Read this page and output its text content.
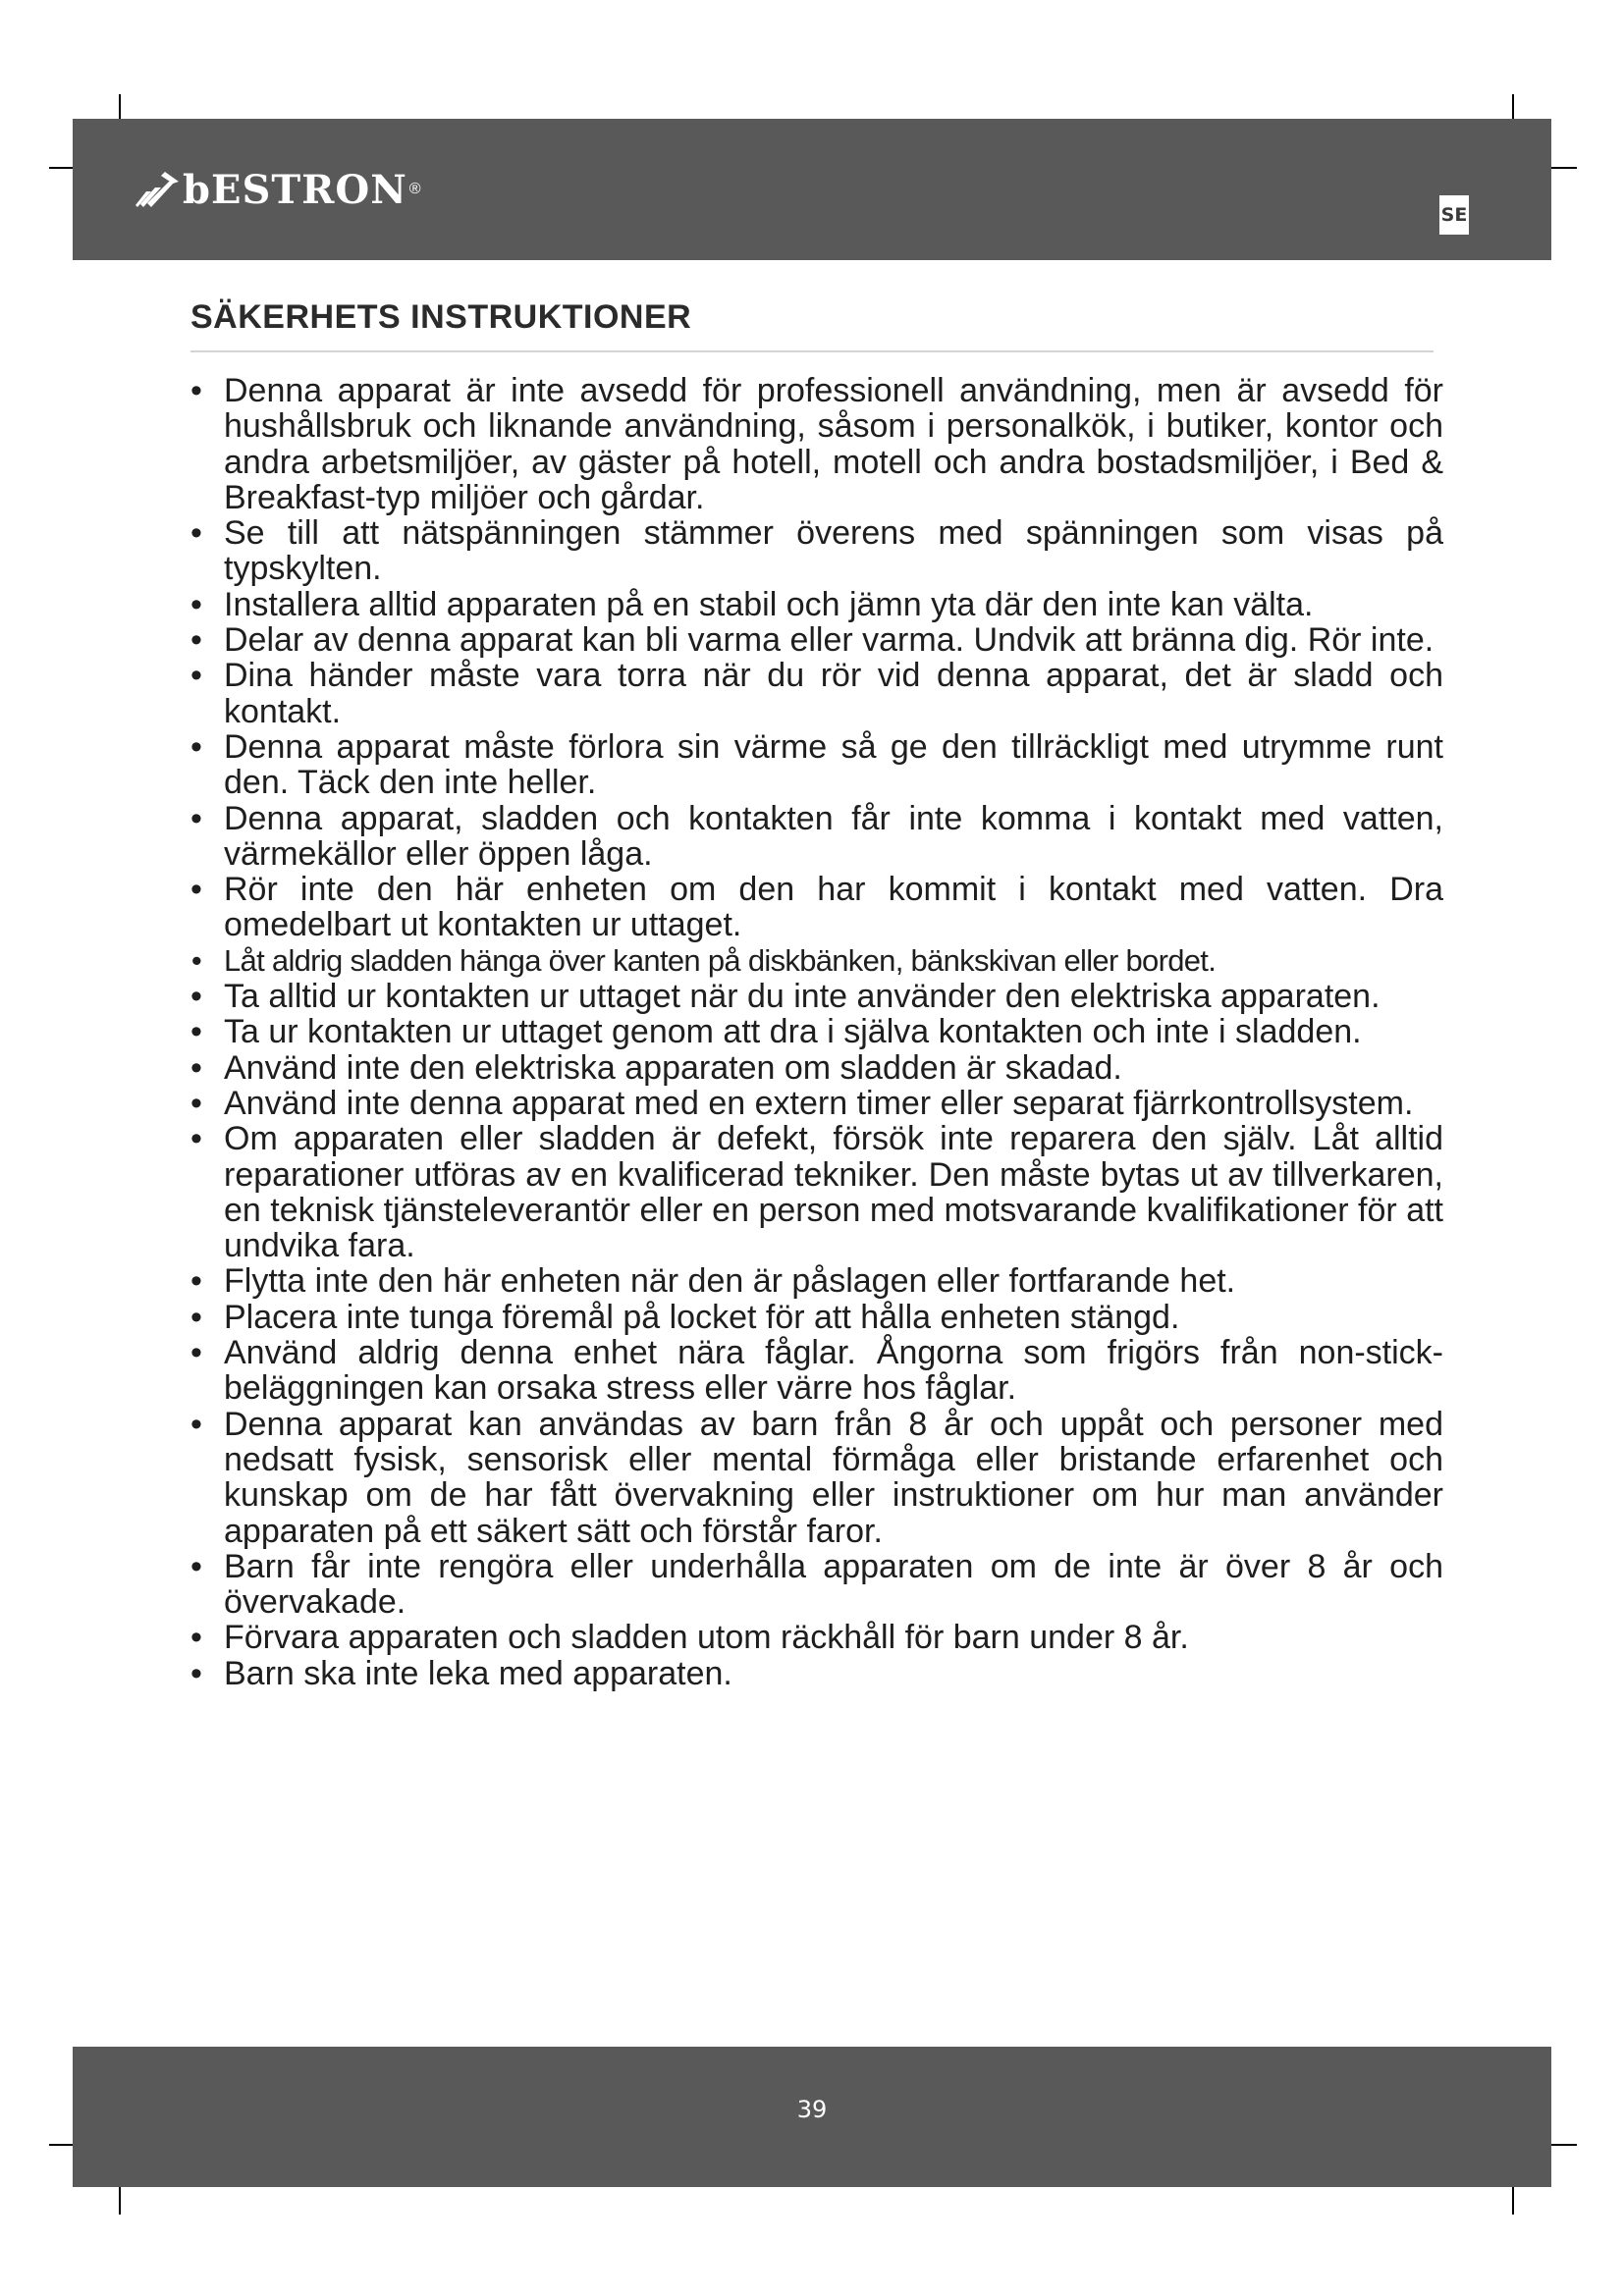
bESTRON ®
SE
SÄKERHETS INSTRUKTIONER
• Denna apparat är inte avsedd för professionell användning, men är avsedd för hushållsbruk och liknande användning, såsom i personalkök, i butiker, kontor och andra arbetsmiljöer, av gäster på hotell, motell och andra bostadsmiljöer, i Bed & Breakfast-typ miljöer och gårdar.
• Se till att nätspänningen stämmer överens med spänningen som visas på typskylten.
• Installera alltid apparaten på en stabil och jämn yta där den inte kan välta.
• Delar av denna apparat kan bli varma eller varma. Undvik att bränna dig. Rör inte.
• Dina händer måste vara torra när du rör vid denna apparat, det är sladd och kontakt.
• Denna apparat måste förlora sin värme så ge den tillräckligt med utrymme runt den. Täck den inte heller.
• Denna apparat, sladden och kontakten får inte komma i kontakt med vatten, värmekällor eller öppen låga.
• Rör inte den här enheten om den har kommit i kontakt med vatten. Dra omedelbart ut kontakten ur uttaget.
• Låt aldrig sladden hänga över kanten på diskbänken, bänkskivan eller bordet.
• Ta alltid ur kontakten ur uttaget när du inte använder den elektriska apparaten.
• Ta ur kontakten ur uttaget genom att dra i själva kontakten och inte i sladden.
• Använd inte den elektriska apparaten om sladden är skadad.
• Använd inte denna apparat med en extern timer eller separat fjärrkontrollsystem.
• Om apparaten eller sladden är defekt, försök inte reparera den själv. Låt alltid reparationer utföras av en kvalificerad tekniker. Den måste bytas ut av tillverkaren, en teknisk tjänsteleverantör eller en person med motsvarande kvalifikationer för att undvika fara.
• Flytta inte den här enheten när den är påslagen eller fortfarande het.
• Placera inte tunga föremål på locket för att hålla enheten stängd.
• Använd aldrig denna enhet nära fåglar. Ångorna som frigörs från non-stick-beläggningen kan orsaka stress eller värre hos fåglar.
• Denna apparat kan användas av barn från 8 år och uppåt och personer med nedsatt fysisk, sensorisk eller mental förmåga eller bristande erfarenhet och kunskap om de har fått övervakning eller instruktioner om hur man använder apparaten på ett säkert sätt och förstår faror.
• Barn får inte rengöra eller underhålla apparaten om de inte är över 8 år och övervakade.
• Förvara apparaten och sladden utom räckhåll för barn under 8 år.
• Barn ska inte leka med apparaten.
39
